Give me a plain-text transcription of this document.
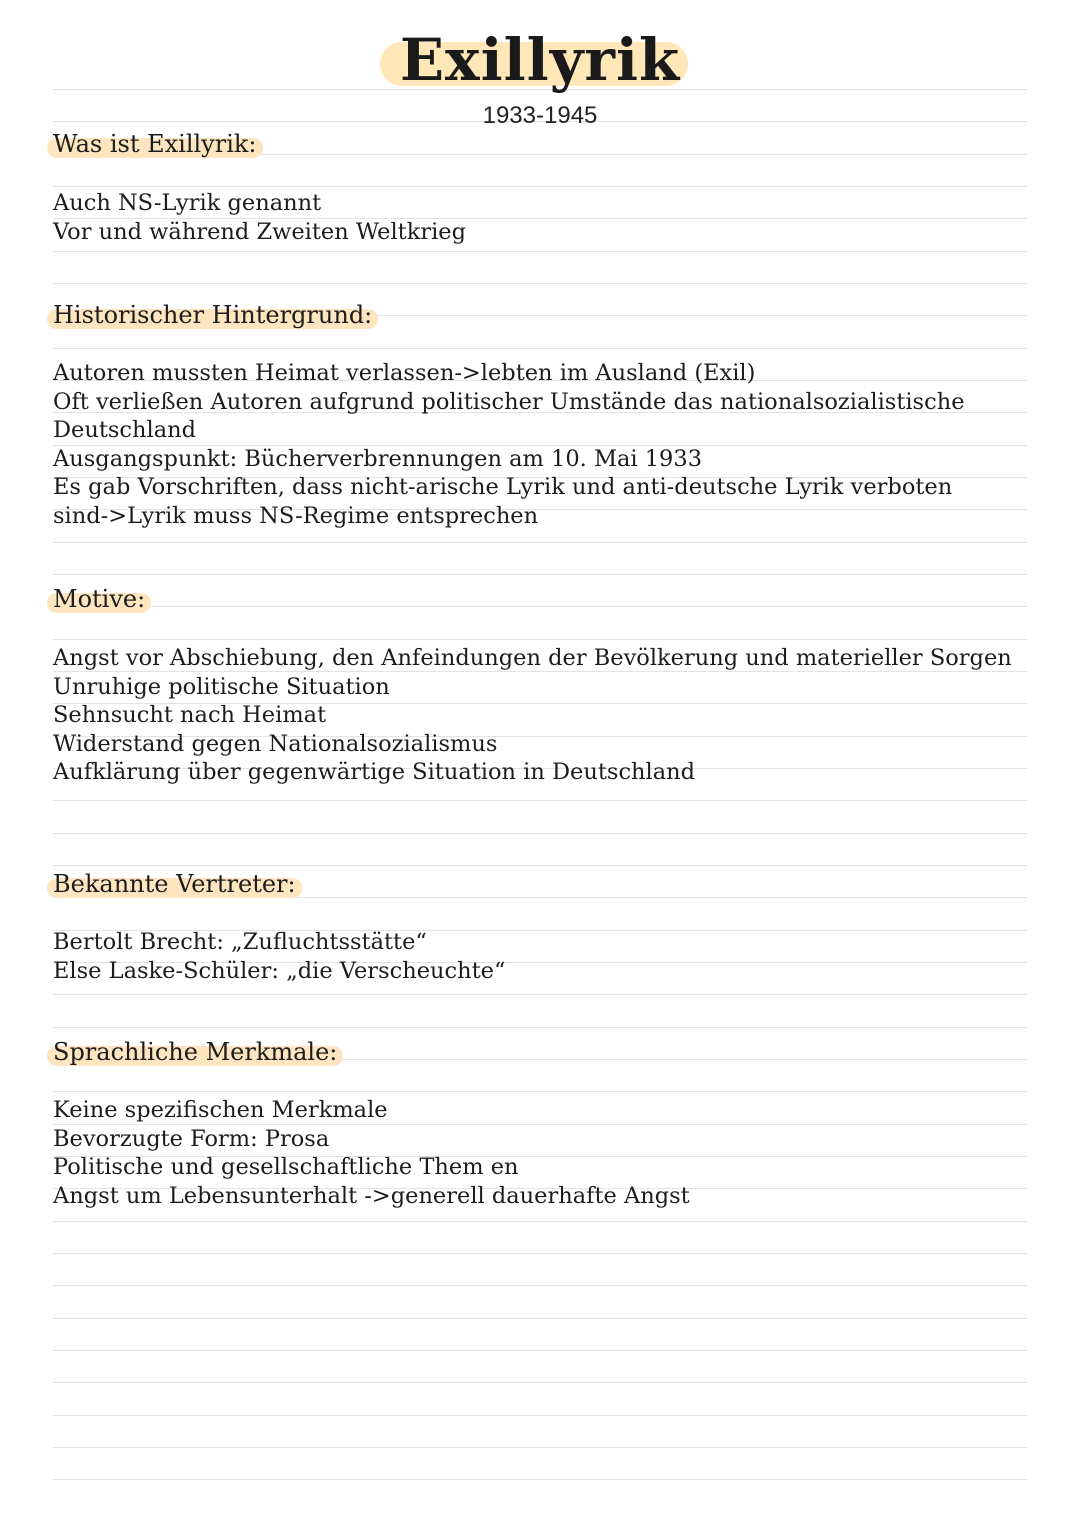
Exillyrik
1933-1945
Was ist Exillyrik:
Auch NS-Lyrik genannt
Vor und während Zweiten Weltkrieg
Historischer Hintergrund:
Autoren mussten Heimat verlassen->lebten im Ausland (Exil)
Oft verließen Autoren aufgrund politischer Umstände das nationalsozialistische Deutschland
Ausgangspunkt: Bücherverbrennungen am 10. Mai 1933
Es gab Vorschriften, dass nicht-arische Lyrik und anti-deutsche Lyrik verboten sind->Lyrik muss NS-Regime entsprechen
Motive:
Angst vor Abschiebung, den Anfeindungen der Bevölkerung und materieller Sorgen
Unruhige politische Situation
Sehnsucht nach Heimat
Widerstand gegen Nationalsozialismus
Aufklärung über gegenwärtige Situation in Deutschland
Bekannte Vertreter:
Bertolt Brecht: „Zufluchtsstätte“
Else Laske-Schüler: „die Verscheuchte“
Sprachliche Merkmale:
Keine spezifischen Merkmale
Bevorzugte Form: Prosa
Politische und gesellschaftliche Them en
Angst um Lebensunterhalt ->generell dauerhafte Angst
